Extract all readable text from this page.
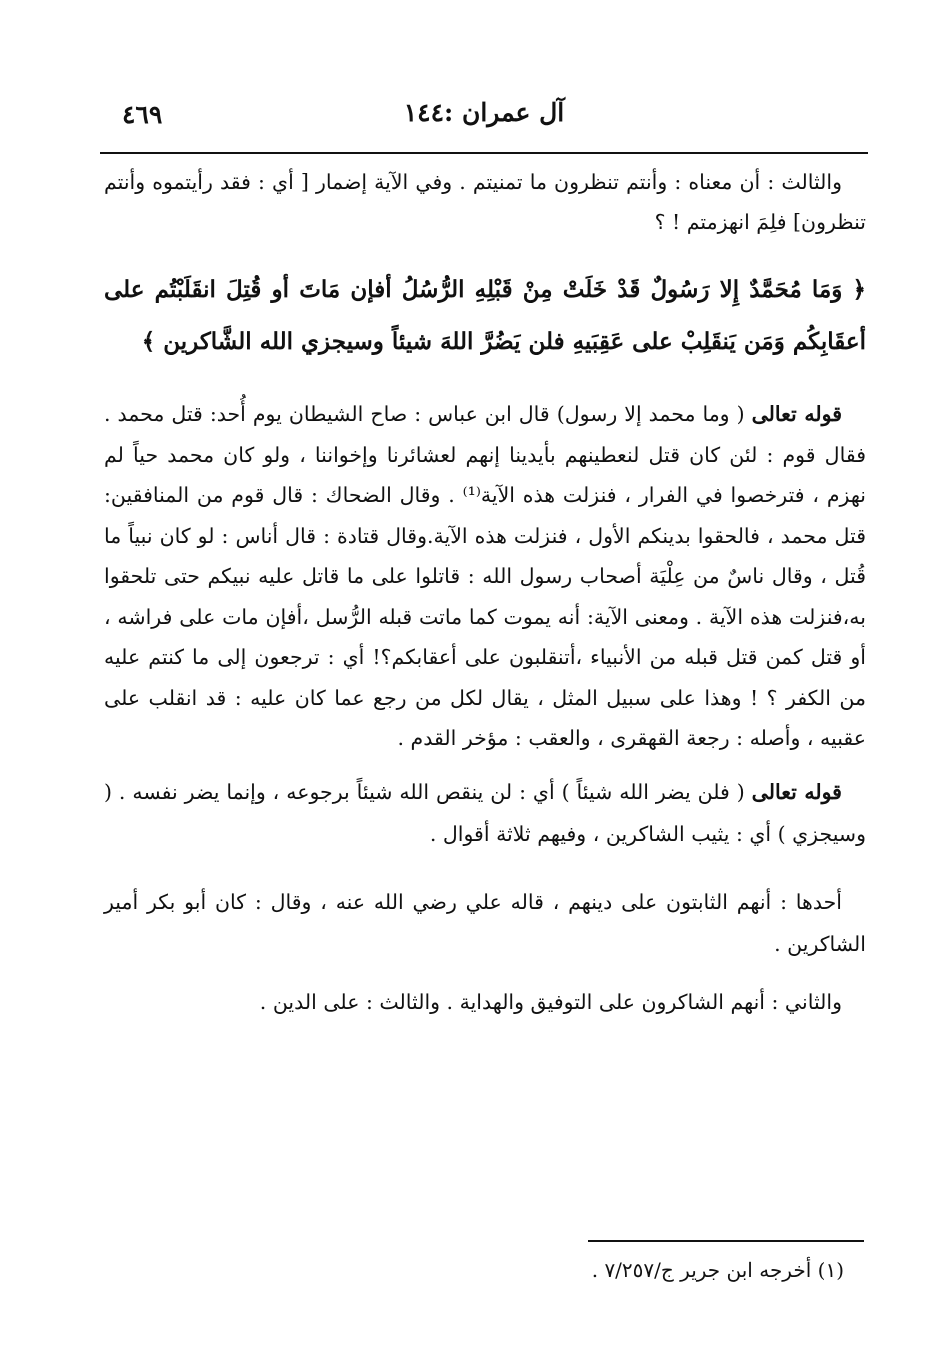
آل عمران :١٤٤
٤٦٩

والثالث : أن معناه : وأنتم تنظرون ما تمنيتم . وفي الآية إضمار [ أي : فقد رأيتموه وأنتم تنظرون] فلِمَ انهزمتم ! ؟

﴿ وَمَا مُحَمَّدٌ إِلا رَسُولٌ قَدْ خَلَتْ مِنْ قَبْلِهِ الرُّسُلُ أفإن مَاتَ أو قُتِلَ انقَلَبْتُم على أعقَابِكُم وَمَن يَنقَلِبْ على عَقِبَيهِ فلن يَضُرَّ اللهَ شيئاً وسيجزي الله الشَّاكرين ﴾

قوله تعالى ( وما محمد إلا رسول) قال ابن عباس : صاح الشيطان يوم أُحد: قتل محمد . فقال قوم : لئن كان قتل لنعطينهم بأيدينا إنهم لعشائرنا وإخواننا ، ولو كان محمد حياً لم نهزم ، فترخصوا في الفرار ، فنزلت هذه الآية⁽¹⁾ . وقال الضحاك : قال قوم من المنافقين: قتل محمد ، فالحقوا بدينكم الأول ، فنزلت هذه الآية.وقال قتادة : قال أناس : لو كان نبياً ما قُتل ، وقال ناسٌ من عِلْيَة أصحاب رسول الله : قاتلوا على ما قاتل عليه نبيكم حتى تلحقوا به،فنزلت هذه الآية . ومعنى الآية: أنه يموت كما ماتت قبله الرُّسل ،أفإن مات على فراشه ، أو قتل كمن قتل قبله من الأنبياء ،أتنقلبون على أعقابكم؟! أي : ترجعون إلى ما كنتم عليه من الكفر ؟ ! وهذا على سبيل المثل ، يقال لكل من رجع عما كان عليه : قد انقلب على عقبيه ، وأصله : رجعة القهقرى ، والعقب : مؤخر القدم .

قوله تعالى ( فلن يضر الله شيئاً ) أي : لن ينقص الله شيئاً برجوعه ، وإنما يضر نفسه . ( وسيجزي ) أي : يثيب الشاكرين ، وفيهم ثلاثة أقوال .

أحدها : أنهم الثابتون على دينهم ، قاله علي رضي الله عنه ، وقال : كان أبو بكر أمير الشاكرين .

والثاني : أنهم الشاكرون على التوفيق والهداية . والثالث : على الدين .

(١) أخرجه ابن جرير ج/٧/٢٥٧ .
